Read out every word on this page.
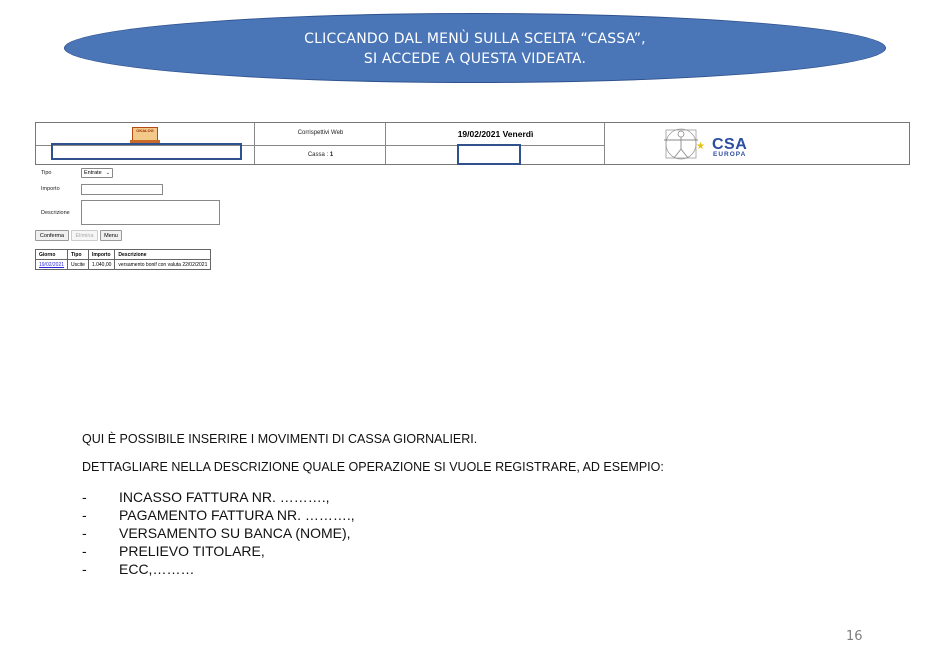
CLICCANDO DAL MENÙ SULLA SCELTA “CASSA”,
SI ACCEDE A QUESTA VIDEATA.
OKALOG	Corrispettivi Web
Cassa : 1
19/02/2021 Venerdì
★ CSA
EUROPA
Tipo	Entrate ⌄
Importo
Descrizione
Conferma	Elimina	Menu
Giorno	Tipo	Importo	Descrizione
19/02/2021	Uscite	1.040,00	versamento bonif con valuta 22/02/2021
QUI È POSSIBILE INSERIRE I MOVIMENTI DI CASSA GIORNALIERI.
DETTAGLIARE NELLA DESCRIZIONE QUALE OPERAZIONE SI VUOLE REGISTRARE, AD ESEMPIO:
- INCASSO FATTURA NR. ……….,
- PAGAMENTO FATTURA NR. ……….,
- VERSAMENTO SU BANCA (NOME),
- PRELIEVO TITOLARE,
- ECC,………
16
